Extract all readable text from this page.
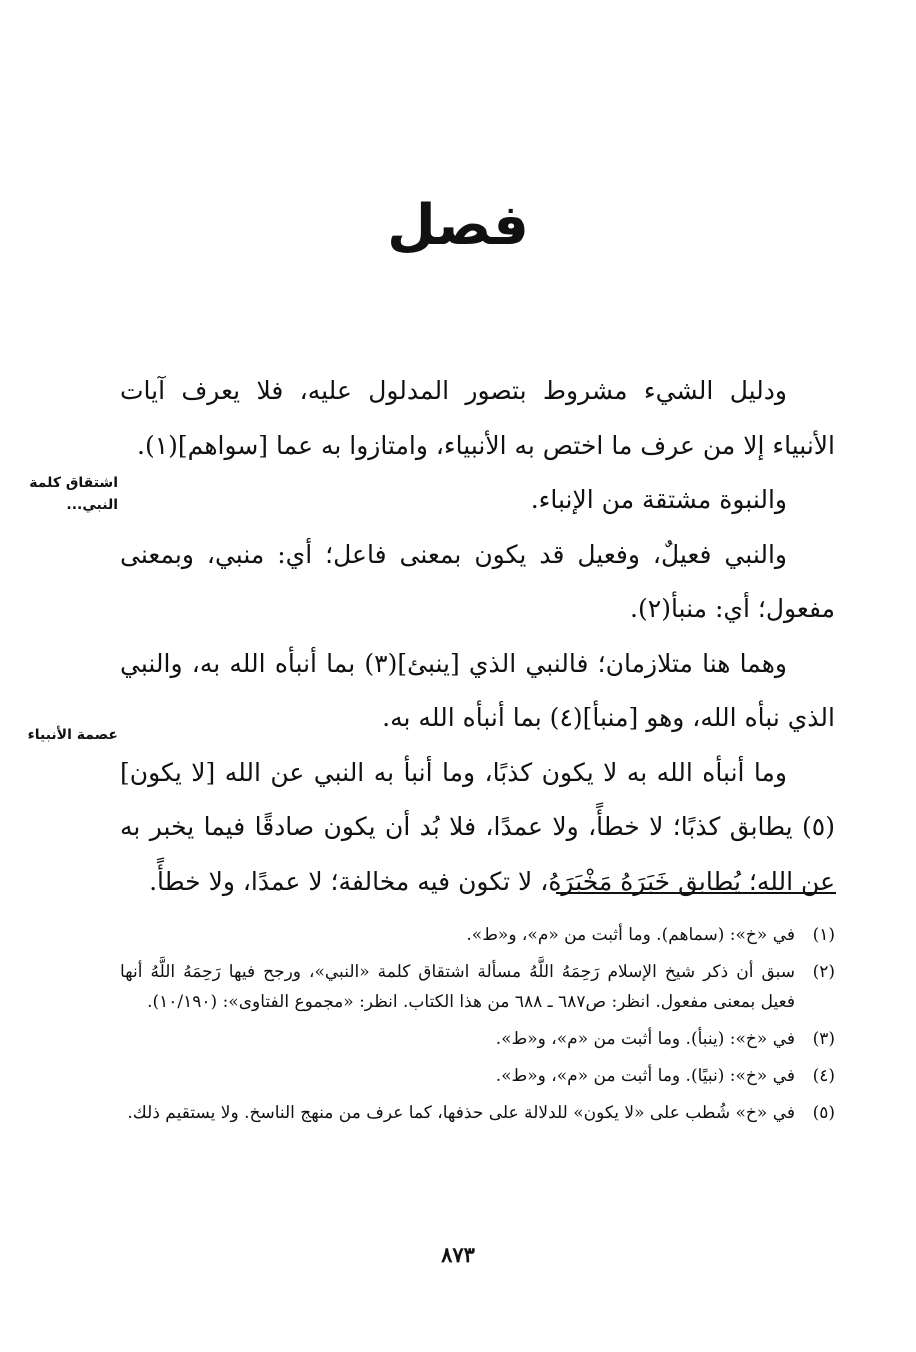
فصل

ودليل الشيء مشروط بتصور المدلول عليه، فلا يعرف آيات الأنبياء إلا من عرف ما اختص به الأنبياء، وامتازوا به عما [سواهم](١).

والنبوة مشتقة من الإنباء.

والنبي فعيلٌ، وفعيل قد يكون بمعنى فاعل؛ أي: منبي، وبمعنى مفعول؛ أي: منبأ(٢).

وهما هنا متلازمان؛ فالنبي الذي [ينبئ](٣) بما أنبأه الله به، والنبي الذي نبأه الله، وهو [منبأ](٤) بما أنبأه الله به.

وما أنبأه الله به لا يكون كذبًا، وما أنبأ به النبي عن الله [لا يكون](٥) يطابق كذبًا؛ لا خطأً، ولا عمدًا، فلا بُد أن يكون صادقًا فيما يخبر به عن الله؛ يُطابق خَبَرَهُ مَخْبَرَهُ، لا تكون فيه مخالفة؛ لا عمدًا، ولا خطأً.

اشتقاق كلمة
النبي...
عصمة الأنبياء
(١)
في «خ»: (سماهم). وما أثبت من «م»، و«ط».
(٢)
سبق أن ذكر شيخ الإسلام رَحِمَهُ اللَّهُ مسألة اشتقاق كلمة «النبي»، ورجح فيها رَحِمَهُ اللَّهُ أنها فعيل بمعنى مفعول. انظر: ص٦٨٧ ـ ٦٨٨ من هذا الكتاب. انظر: «مجموع الفتاوى»: (١٠/١٩٠).
(٣)
في «خ»: (ينبأ). وما أثبت من «م»، و«ط».
(٤)
في «خ»: (نبيًا). وما أثبت من «م»، و«ط».
(٥)
في «خ» شُطب على «لا يكون» للدلالة على حذفها، كما عرف من منهج الناسخ. ولا يستقيم ذلك.
٨٧٣
